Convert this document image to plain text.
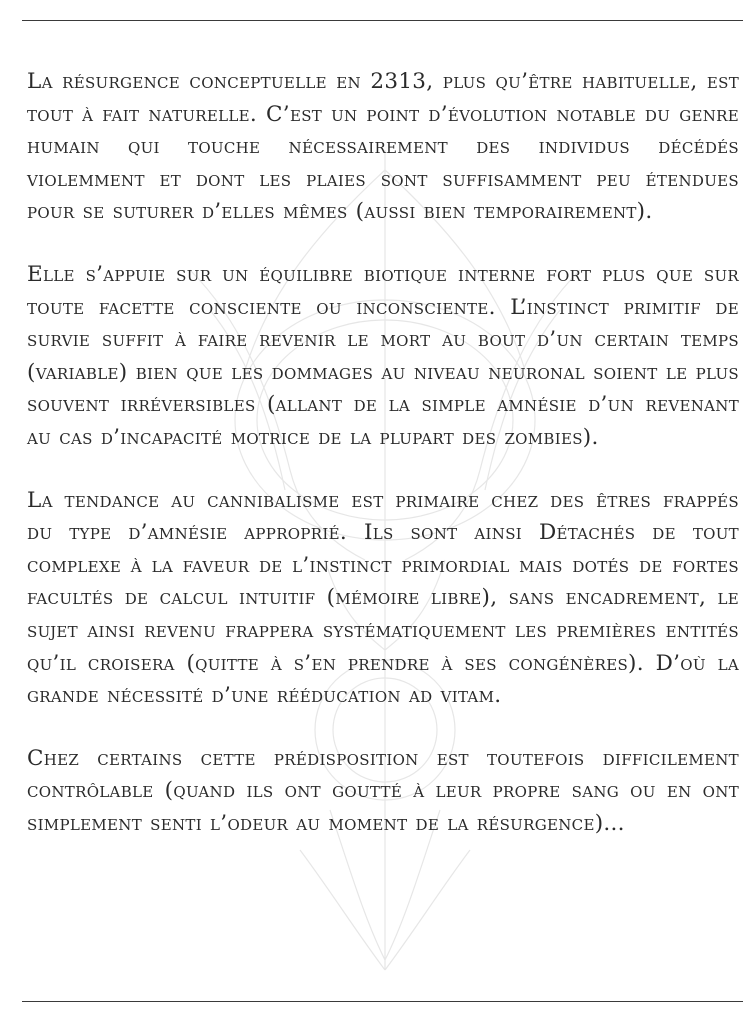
La résurgence conceptuelle en 2313, plus qu’être habituelle, est tout à fait naturelle. C’est un point d’évolution notable du genre humain qui touche nécessairement des individus décédés violemment et dont les plaies sont suffisamment peu étendues pour se suturer d’elles mêmes (aussi bien temporairement).

Elle s’appuie sur un équilibre biotique interne fort plus que sur toute facette consciente ou inconsciente. L’instinct primitif de survie suffit à faire revenir le mort au bout d’un certain temps (variable) bien que les dommages au niveau neuronal soient le plus souvent irréversibles (allant de la simple amnésie d’un revenant au cas d’incapacité motrice de la plupart des zombies).

La tendance au cannibalisme est primaire chez des êtres frappés du type d’amnésie approprié. Ils sont ainsi Détachés de tout complexe à la faveur de l’instinct primordial mais dotés de fortes facultés de calcul intuitif (mémoire libre), sans encadrement, le sujet ainsi revenu frappera systématiquement les premières entités qu’il croisera (quitte à s’en prendre à ses congénères). D’où la grande nécessité d’une rééducation ad vitam.

Chez certains cette prédisposition est toutefois difficilement contrôlable (quand ils ont goutté à leur propre sang ou en ont simplement senti l’odeur au moment de la résurgence)...
